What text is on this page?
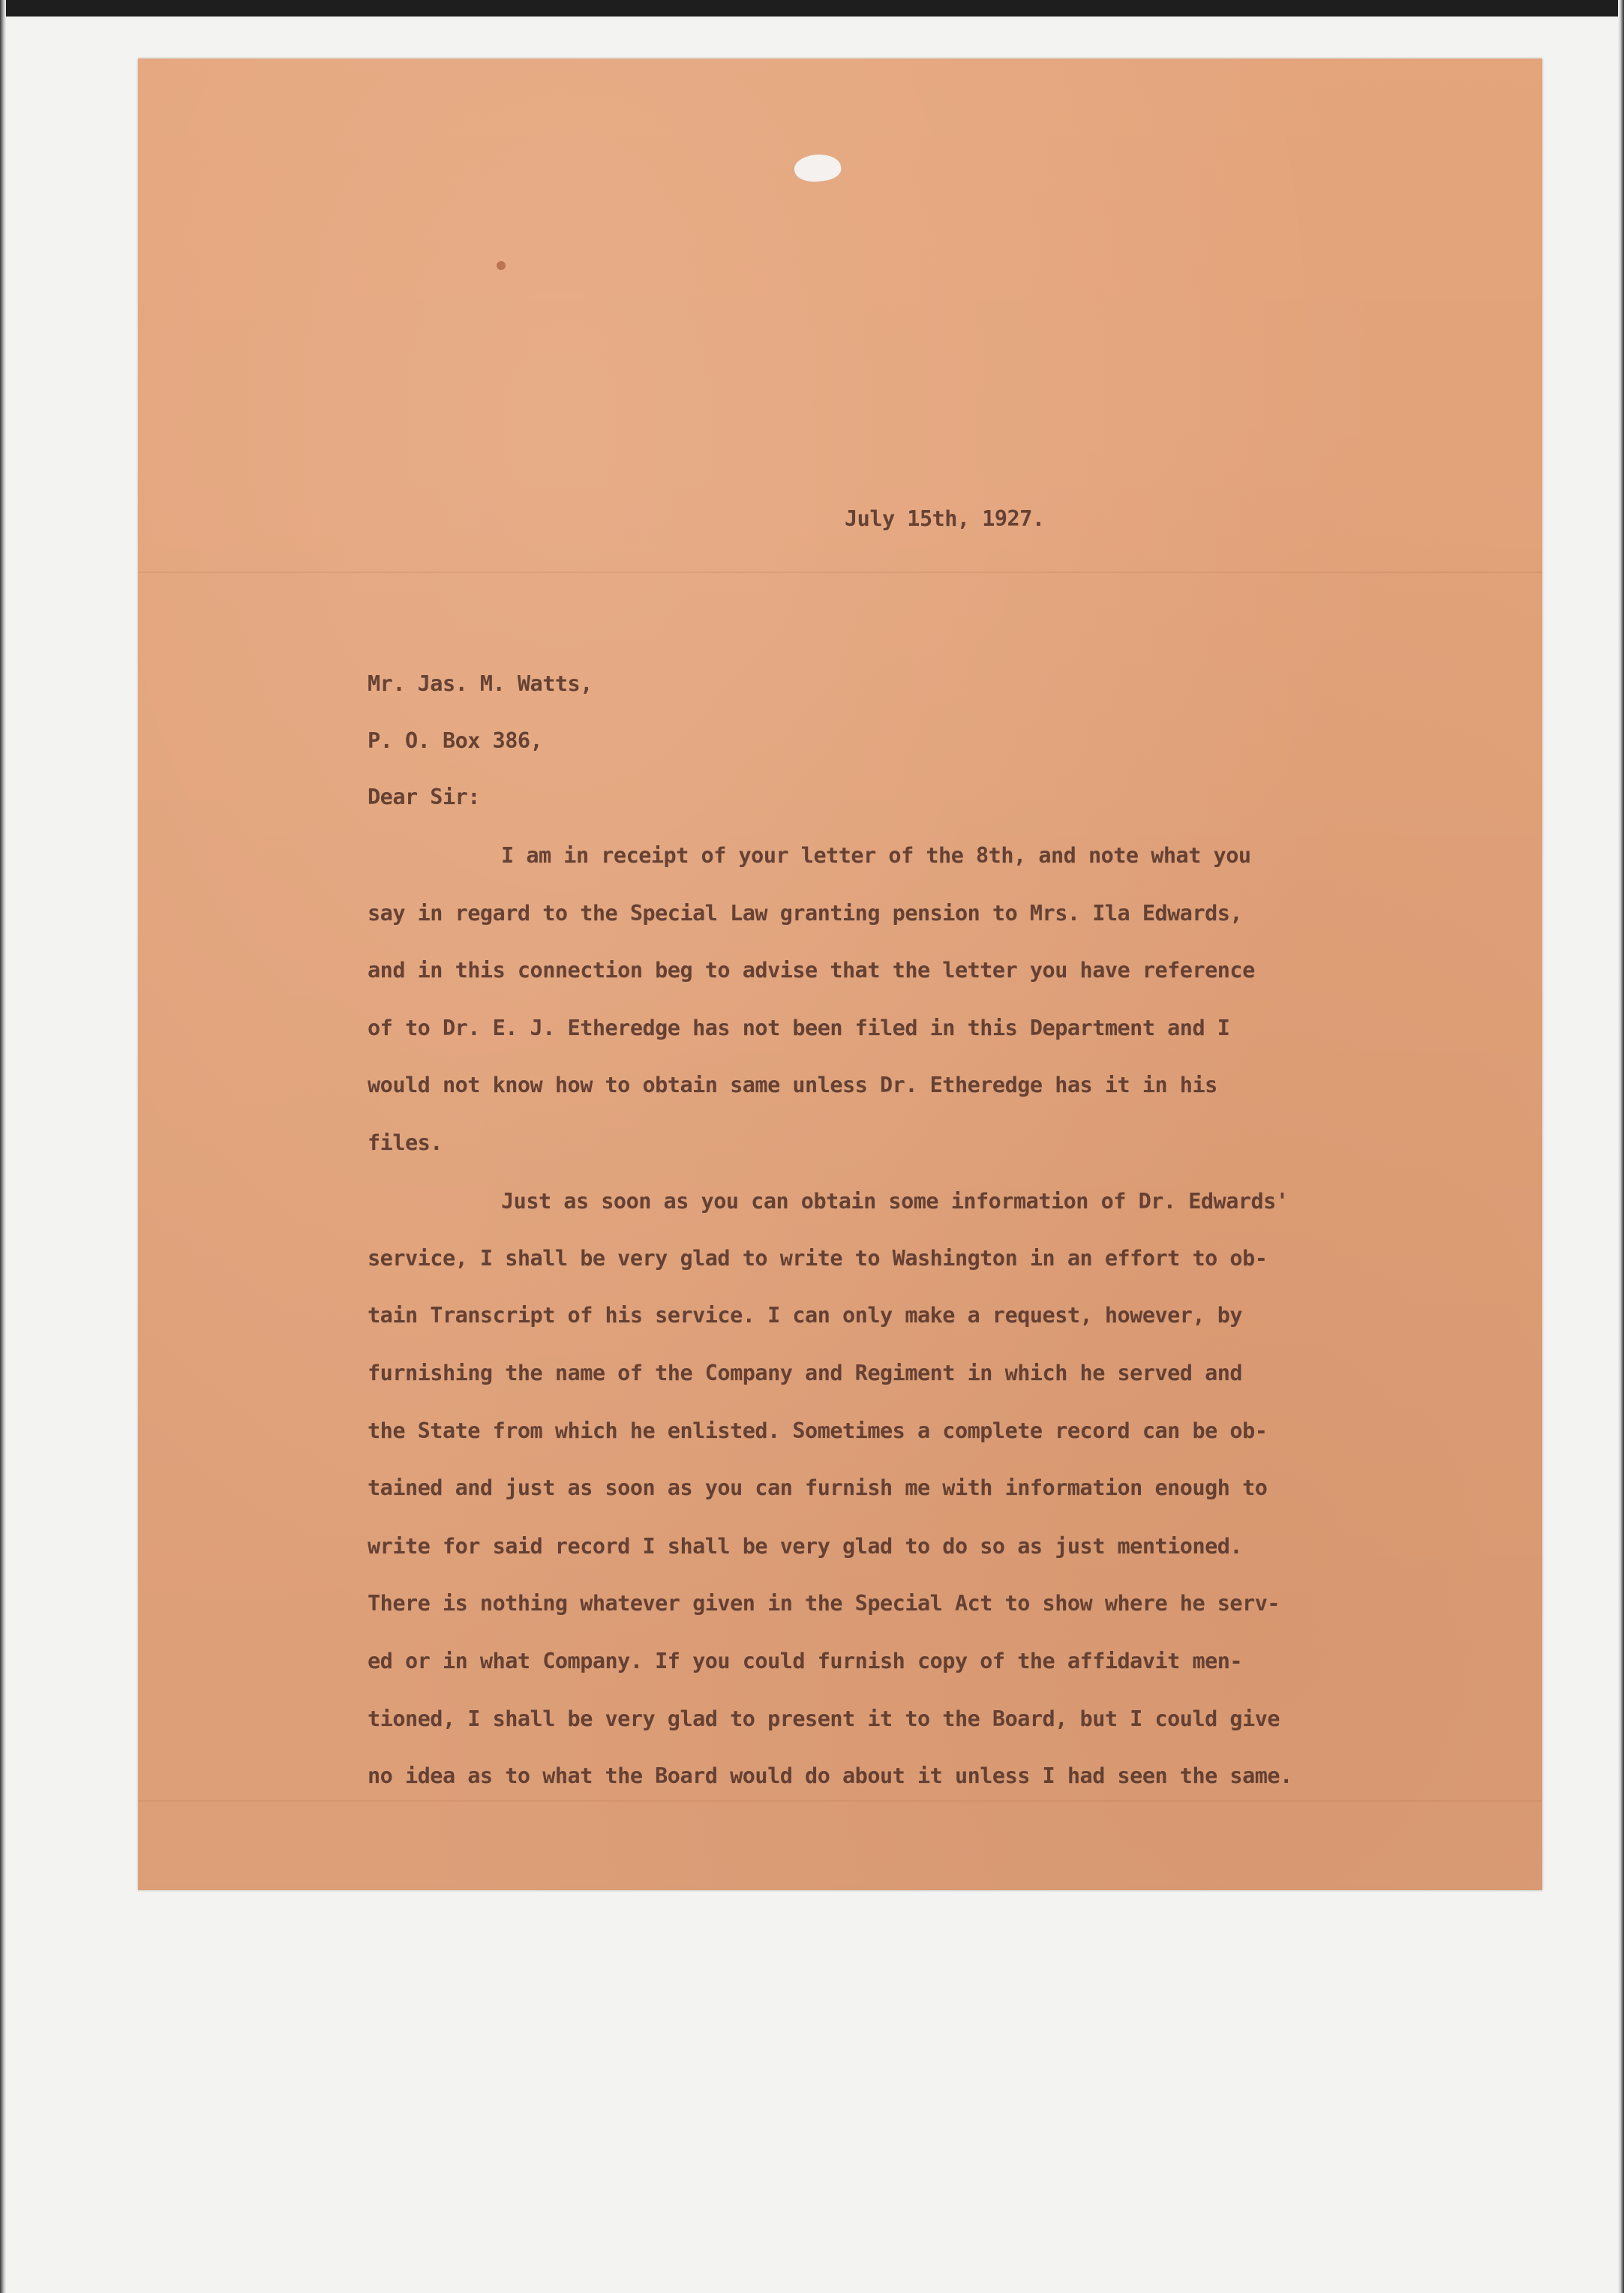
July 15th, 1927.
Mr. Jas. M. Watts,
P. O. Box 386,
Dear Sir:
I am in receipt of your letter of the 8th, and note what you
say in regard to the Special Law granting pension to Mrs. Ila Edwards,
and in this connection beg to advise that the letter you have reference
of to Dr. E. J. Etheredge has not been filed in this Department and I
would not know how to obtain same unless Dr. Etheredge has it in his
files.
Just as soon as you can obtain some information of Dr. Edwards'
service, I shall be very glad to write to Washington in an effort to ob-
tain Transcript of his service. I can only make a request, however, by
furnishing the name of the Company and Regiment in which he served and
the State from which he enlisted. Sometimes a complete record can be ob-
tained and just as soon as you can furnish me with information enough to
write for said record I shall be very glad to do so as just mentioned.
There is nothing whatever given in the Special Act to show where he serv-
ed or in what Company. If you could furnish copy of the affidavit men-
tioned, I shall be very glad to present it to the Board, but I could give
no idea as to what the Board would do about it unless I had seen the same.
